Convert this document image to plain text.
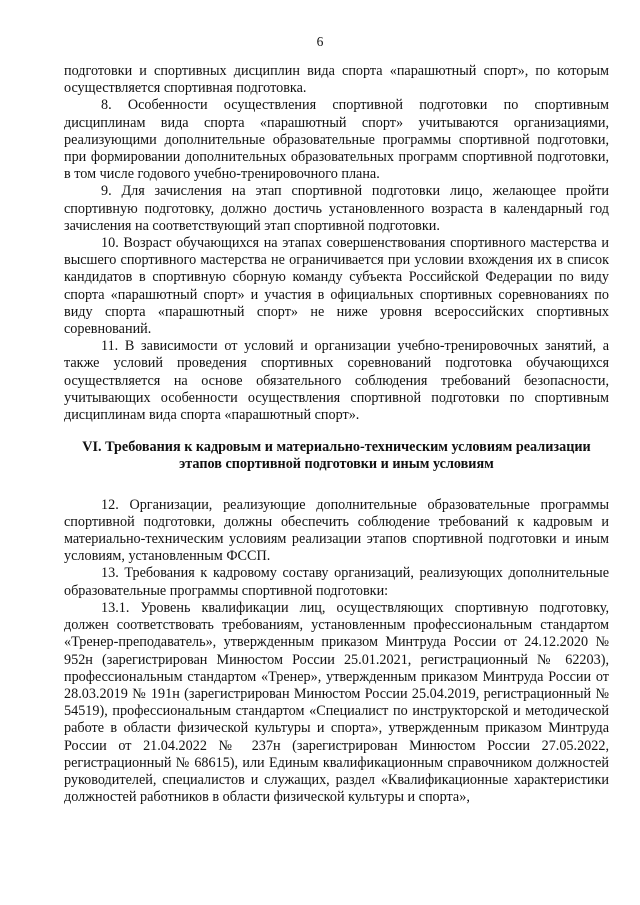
6

подготовки и спортивных дисциплин вида спорта «парашютный спорт», по которым осуществляется спортивная подготовка.

8. Особенности осуществления спортивной подготовки по спортивным дисциплинам вида спорта «парашютный спорт» учитываются организациями, реализующими дополнительные образовательные программы спортивной подготовки, при формировании дополнительных образовательных программ спортивной подготовки, в том числе годового учебно-тренировочного плана.

9. Для зачисления на этап спортивной подготовки лицо, желающее пройти спортивную подготовку, должно достичь установленного возраста в календарный год зачисления на соответствующий этап спортивной подготовки.

10. Возраст обучающихся на этапах совершенствования спортивного мастерства и высшего спортивного мастерства не ограничивается при условии вхождения их в список кандидатов в спортивную сборную команду субъекта Российской Федерации по виду спорта «парашютный спорт» и участия в официальных спортивных соревнованиях по виду спорта «парашютный спорт» не ниже уровня всероссийских спортивных соревнований.

11. В зависимости от условий и организации учебно-тренировочных занятий, а также условий проведения спортивных соревнований подготовка обучающихся осуществляется на основе обязательного соблюдения требований безопасности, учитывающих особенности осуществления спортивной подготовки по спортивным дисциплинам вида спорта «парашютный спорт».

VI. Требования к кадровым и материально-техническим условиям реализации
этапов спортивной подготовки и иным условиям

12. Организации, реализующие дополнительные образовательные программы спортивной подготовки, должны обеспечить соблюдение требований к кадровым и материально-техническим условиям реализации этапов спортивной подготовки и иным условиям, установленным ФССП.

13. Требования к кадровому составу организаций, реализующих дополнительные образовательные программы спортивной подготовки:

13.1. Уровень квалификации лиц, осуществляющих спортивную подготовку, должен соответствовать требованиям, установленным профессиональным стандартом «Тренер-преподаватель», утвержденным приказом Минтруда России от 24.12.2020 № 952н (зарегистрирован Минюстом России 25.01.2021, регистрационный № 62203), профессиональным стандартом «Тренер», утвержденным приказом Минтруда России от 28.03.2019 № 191н (зарегистрирован Минюстом России 25.04.2019, регистрационный № 54519), профессиональным стандартом «Специалист по инструкторской и методической работе в области физической культуры и спорта», утвержденным приказом Минтруда России от 21.04.2022 № 237н (зарегистрирован Минюстом России 27.05.2022, регистрационный № 68615), или Единым квалификационным справочником должностей руководителей, специалистов и служащих, раздел «Квалификационные характеристики должностей работников в области физической культуры и спорта»,
